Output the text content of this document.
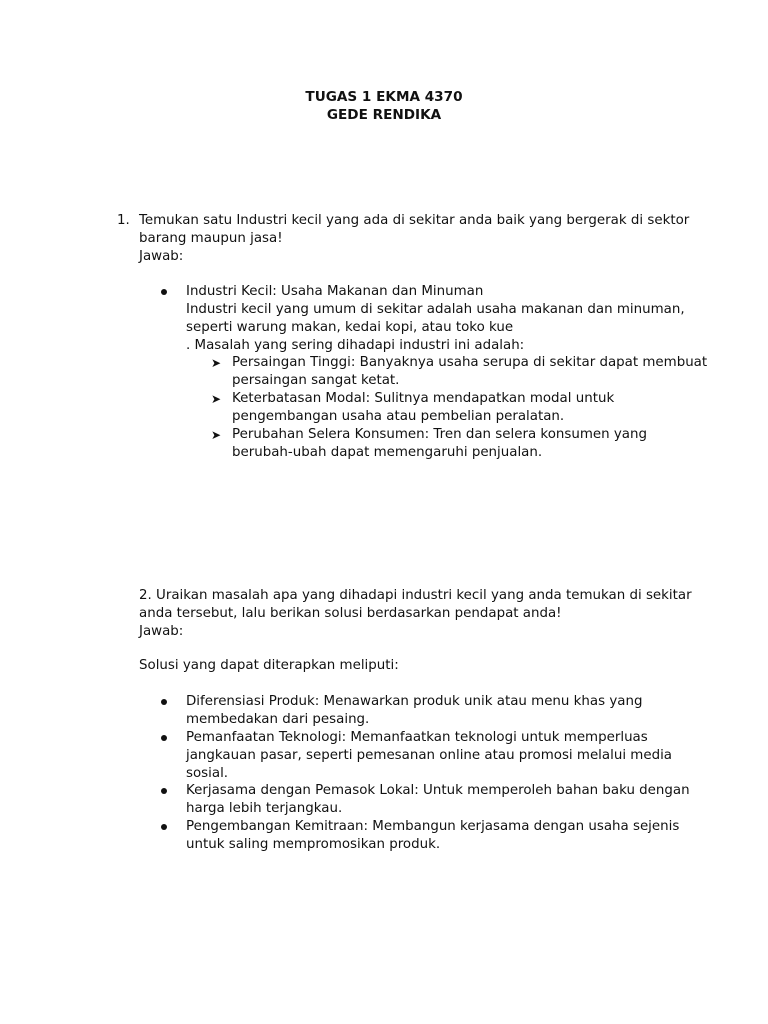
TUGAS 1 EKMA 4370
GEDE RENDIKA
1. Temukan satu Industri kecil yang ada di sekitar anda baik yang bergerak di sektor
barang maupun jasa!
Jawab:
Industri Kecil: Usaha Makanan dan Minuman
Industri kecil yang umum di sekitar adalah usaha makanan dan minuman,
seperti warung makan, kedai kopi, atau toko kue
. Masalah yang sering dihadapi industri ini adalah:
➤ Persaingan Tinggi: Banyaknya usaha serupa di sekitar dapat membuat
persaingan sangat ketat.
➤ Keterbatasan Modal: Sulitnya mendapatkan modal untuk
pengembangan usaha atau pembelian peralatan.
➤ Perubahan Selera Konsumen: Tren dan selera konsumen yang
berubah-ubah dapat memengaruhi penjualan.
2. Uraikan masalah apa yang dihadapi industri kecil yang anda temukan di sekitar
anda tersebut, lalu berikan solusi berdasarkan pendapat anda!
Jawab:
Solusi yang dapat diterapkan meliputi:
Diferensiasi Produk: Menawarkan produk unik atau menu khas yang
membedakan dari pesaing.
Pemanfaatan Teknologi: Memanfaatkan teknologi untuk memperluas
jangkauan pasar, seperti pemesanan online atau promosi melalui media
sosial.
Kerjasama dengan Pemasok Lokal: Untuk memperoleh bahan baku dengan
harga lebih terjangkau.
Pengembangan Kemitraan: Membangun kerjasama dengan usaha sejenis
untuk saling mempromosikan produk.
